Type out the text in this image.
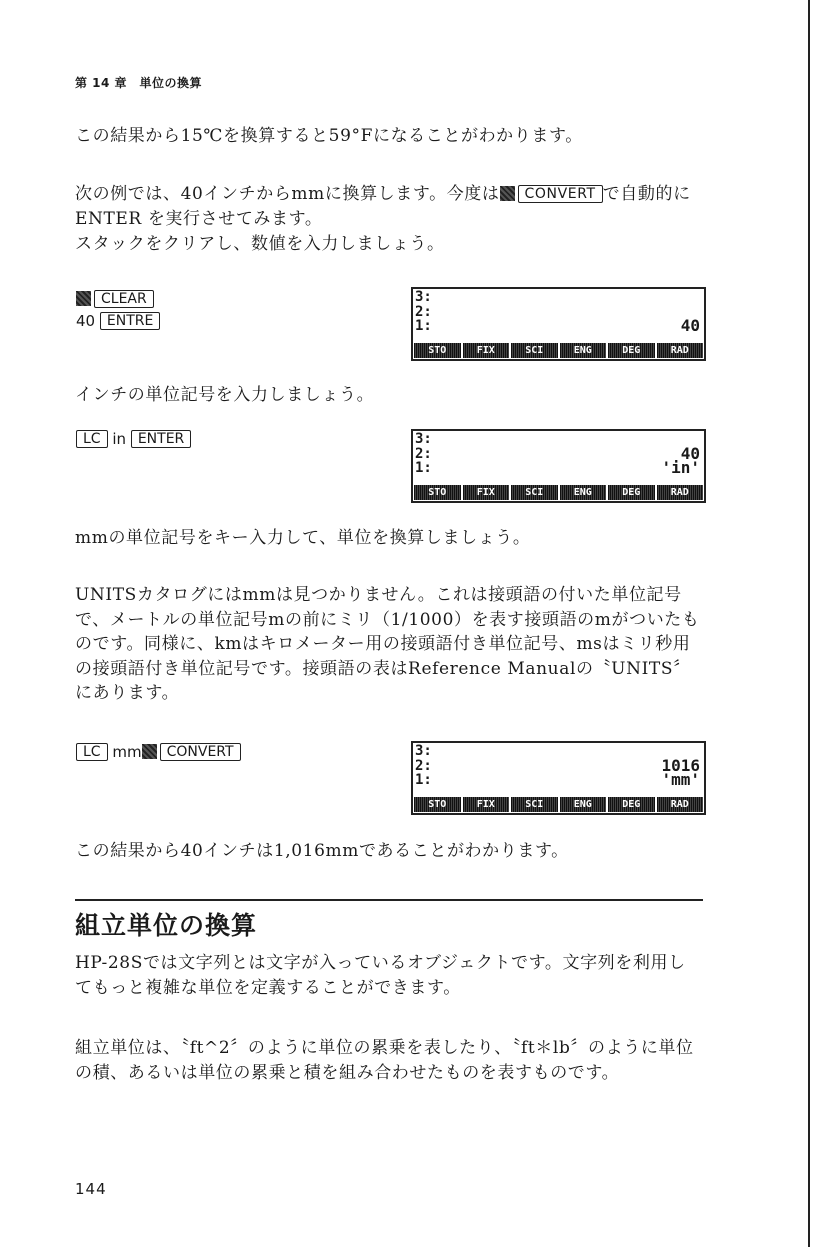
第 14 章　単位の換算

この結果から15℃を換算すると59°Fになることがわかります。

次の例では、40インチからmmに換算します。今度は CONVERT で自動的にENTER を実行させてみます。

スタックをクリアし、数値を入力しましょう。

CLEAR
40 ENTRE
3:
2:
1:	40
STO	FIX	SCI	ENG	DEG	RAD

インチの単位記号を入力しましょう。

LC in ENTER	3:
2:	40
1:	'in'
STO	FIX	SCI	ENG	DEG	RAD

mmの単位記号をキー入力して、単位を換算しましょう。

UNITSカタログにはmmは見つかりません。これは接頭語の付いた単位記号で、メートルの単位記号mの前にミリ（1/1000）を表す接頭語のmがついたものです。同様に、kmはキロメーター用の接頭語付き単位記号、msはミリ秒用の接頭語付き単位記号です。接頭語の表はReference Manualの〝UNITS〞にあります。

LC mm CONVERT	3:
2:	1016
1:	'mm'
STO	FIX	SCI	ENG	DEG	RAD

この結果から40インチは1,016mmであることがわかります。

組立単位の換算

HP-28Sでは文字列とは文字が入っているオブジェクトです。文字列を利用してもっと複雑な単位を定義することができます。

組立単位は、〝ft^2〞のように単位の累乗を表したり、〝ft＊lb〞のように単位の積、あるいは単位の累乗と積を組み合わせたものを表すものです。

144
